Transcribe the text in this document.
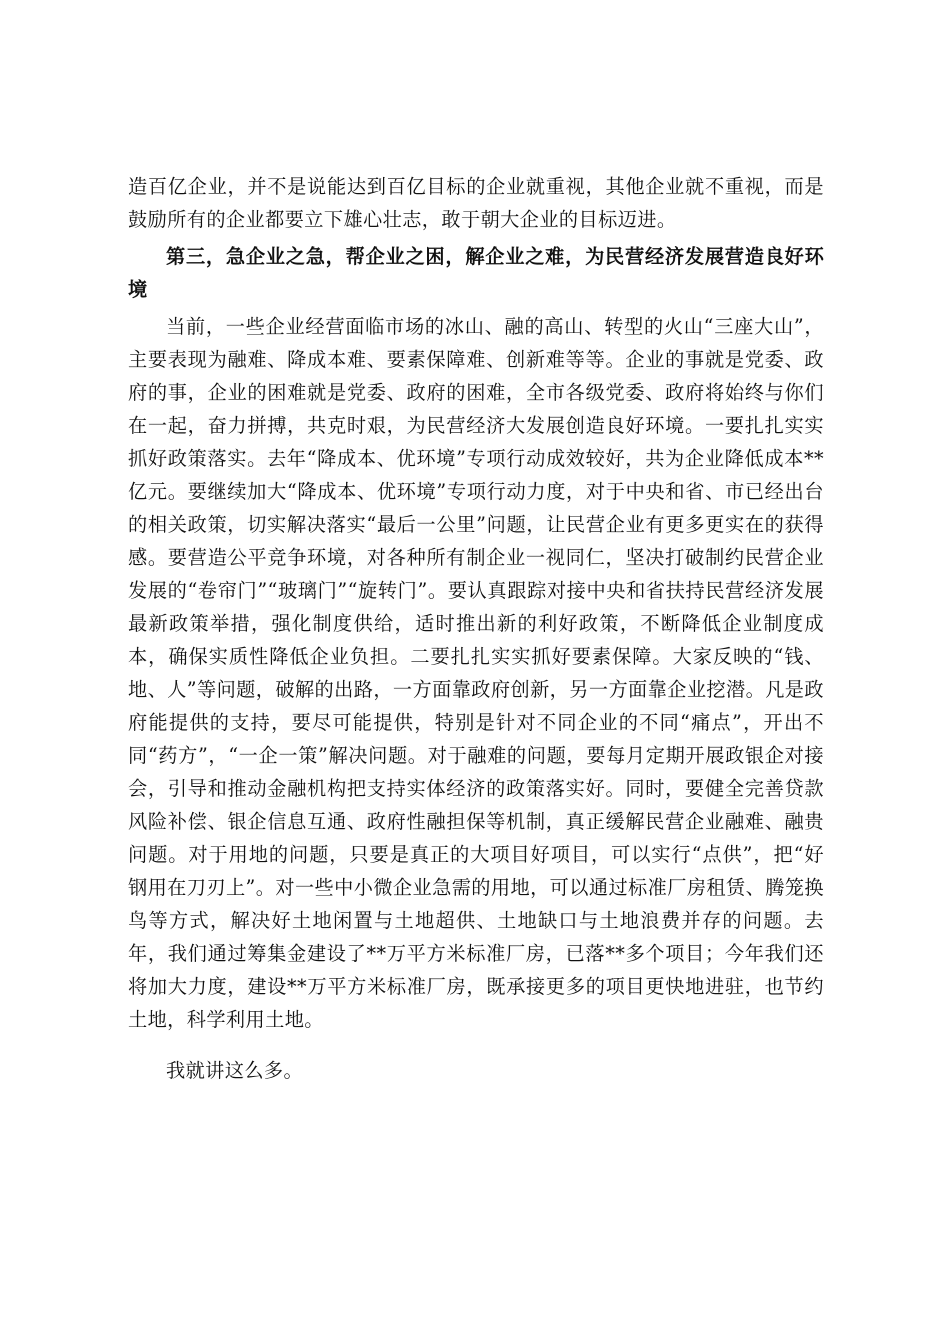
造百亿企业，并不是说能达到百亿目标的企业就重视，其他企业就不重视，而是鼓励所有的企业都要立下雄心壮志，敢于朝大企业的目标迈进。

第三，急企业之急，帮企业之困，解企业之难，为民营经济发展营造良好环境

当前，一些企业经营面临市场的冰山、融的高山、转型的火山“三座大山”，主要表现为融难、降成本难、要素保障难、创新难等等。企业的事就是党委、政府的事，企业的困难就是党委、政府的困难，全市各级党委、政府将始终与你们在一起，奋力拼搏，共克时艰，为民营经济大发展创造良好环境。一要扎扎实实抓好政策落实。去年“降成本、优环境”专项行动成效较好，共为企业降低成本**亿元。要继续加大“降成本、优环境”专项行动力度，对于中央和省、市已经出台的相关政策，切实解决落实“最后一公里”问题，让民营企业有更多更实在的获得感。要营造公平竞争环境，对各种所有制企业一视同仁，坚决打破制约民营企业发展的“卷帘门”“玻璃门”“旋转门”。要认真跟踪对接中央和省扶持民营经济发展最新政策举措，强化制度供给，适时推出新的利好政策，不断降低企业制度成本，确保实质性降低企业负担。二要扎扎实实抓好要素保障。大家反映的“钱、地、人”等问题，破解的出路，一方面靠政府创新，另一方面靠企业挖潜。凡是政府能提供的支持，要尽可能提供，特别是针对不同企业的不同“痛点”，开出不同“药方”，“一企一策”解决问题。对于融难的问题，要每月定期开展政银企对接会，引导和推动金融机构把支持实体经济的政策落实好。同时，要健全完善贷款风险补偿、银企信息互通、政府性融担保等机制，真正缓解民营企业融难、融贵问题。对于用地的问题，只要是真正的大项目好项目，可以实行“点供”，把“好钢用在刀刃上”。对一些中小微企业急需的用地，可以通过标准厂房租赁、腾笼换鸟等方式，解决好土地闲置与土地超供、土地缺口与土地浪费并存的问题。去年，我们通过筹集金建设了**万平方米标准厂房，已落**多个项目；今年我们还将加大力度，建设**万平方米标准厂房，既承接更多的项目更快地进驻，也节约土地，科学利用土地。

我就讲这么多。
